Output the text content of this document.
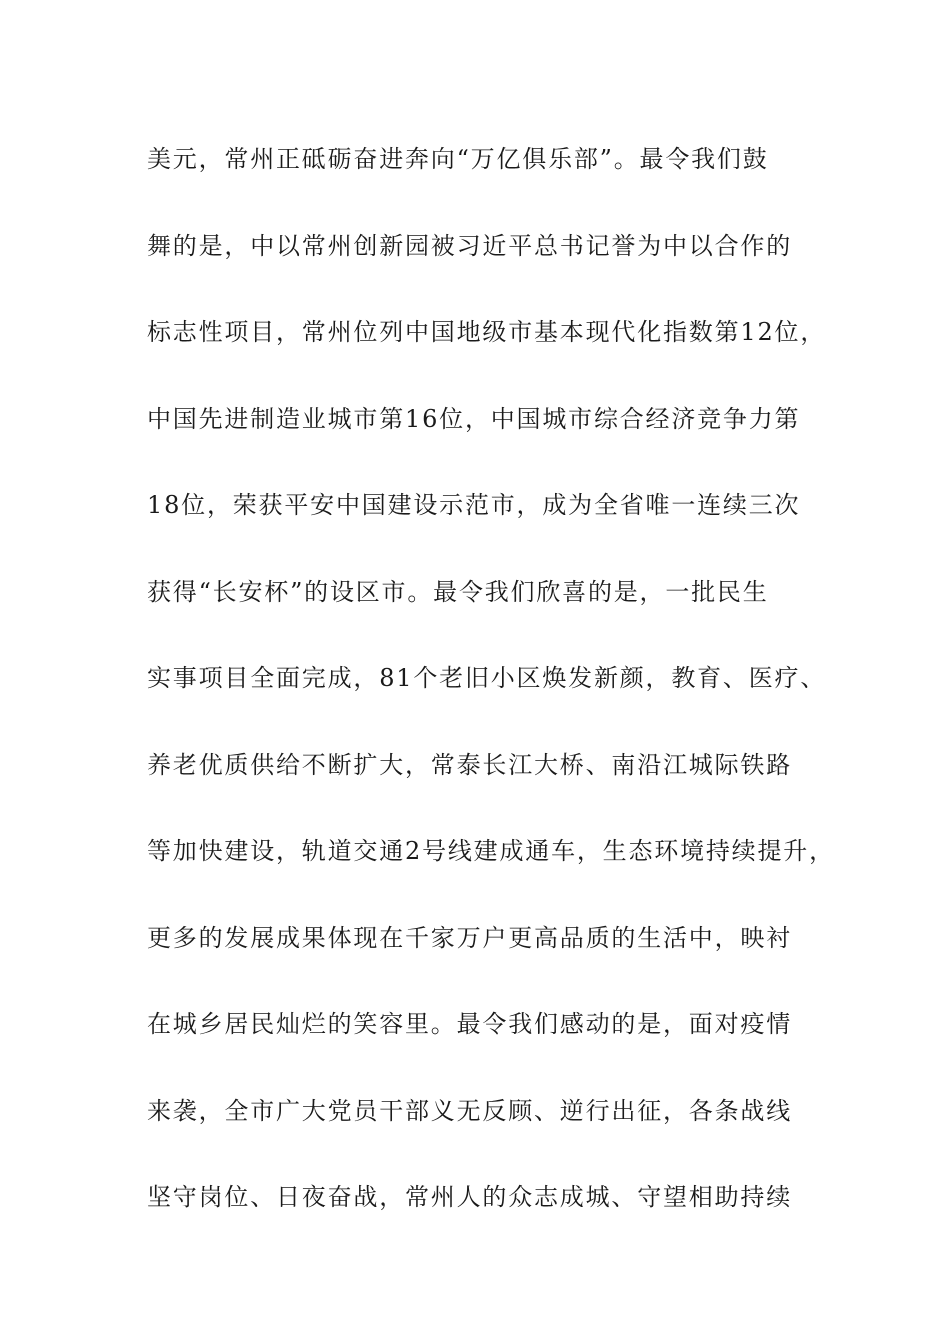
美元，常州正砥砺奋进奔向“万亿俱乐部”。最令我们鼓
舞的是，中以常州创新园被习近平总书记誉为中以合作的
标志性项目，常州位列中国地级市基本现代化指数第12位，
中国先进制造业城市第16位，中国城市综合经济竞争力第
18位，荣获平安中国建设示范市，成为全省唯一连续三次
获得“长安杯”的设区市。最令我们欣喜的是，一批民生
实事项目全面完成，81个老旧小区焕发新颜，教育、医疗、
养老优质供给不断扩大，常泰长江大桥、南沿江城际铁路
等加快建设，轨道交通2号线建成通车，生态环境持续提升，
更多的发展成果体现在千家万户更高品质的生活中，映衬
在城乡居民灿烂的笑容里。最令我们感动的是，面对疫情
来袭，全市广大党员干部义无反顾、逆行出征，各条战线
坚守岗位、日夜奋战，常州人的众志成城、守望相助持续
